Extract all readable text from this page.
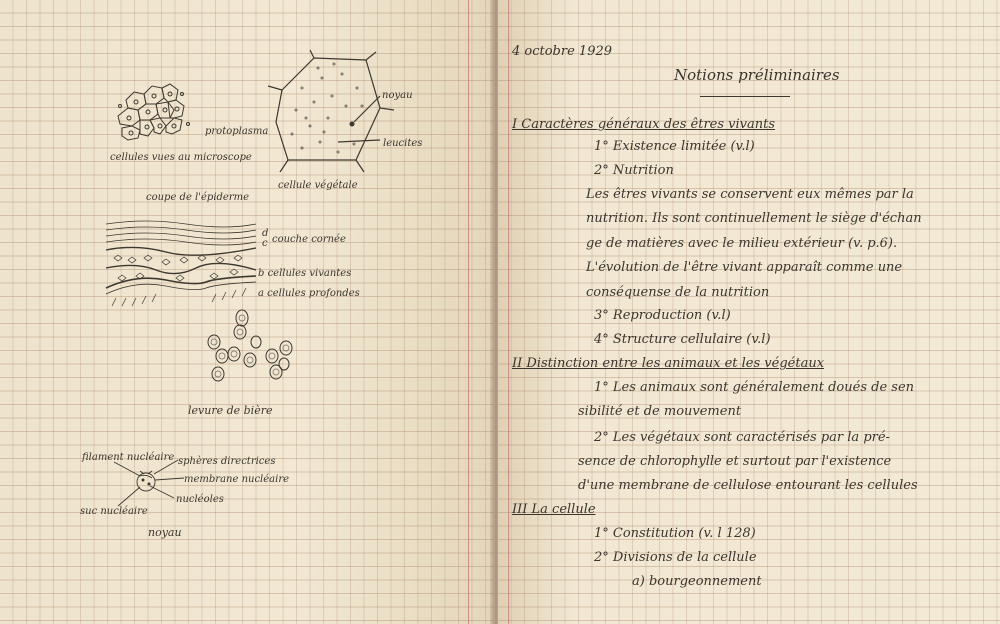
cellules vues au microscope
noyau
protoplasma
leucites
cellule végétale
coupe de l'épiderme
d
c couche cornée
b cellules vivantes
a cellules profondes
levure de bière
filament nucléaire sphères directrices
membrane nucléaire
nucléoles
suc nucléaire
noyau
4 octobre 1929
Notions préliminaires
I Caractères généraux des êtres vivants
1° Existence limitée (v.l)
2° Nutrition
Les êtres vivants se conservent eux mêmes par la
nutrition. Ils sont continuellement le siège d'échan
ge de matières avec le milieu extérieur (v. p.6).
L'évolution de l'être vivant apparaît comme une
conséquense de la nutrition
3° Reproduction (v.l)
4° Structure cellulaire (v.l)
II Distinction entre les animaux et les végétaux
1° Les animaux sont généralement doués de sen
sibilité et de mouvement
2° Les végétaux sont caractérisés par la pré-
sence de chlorophylle et surtout par l'existence
d'une membrane de cellulose entourant les cellules
III La cellule
1° Constitution (v. l 128)
2° Divisions de la cellule
a) bourgeonnement
